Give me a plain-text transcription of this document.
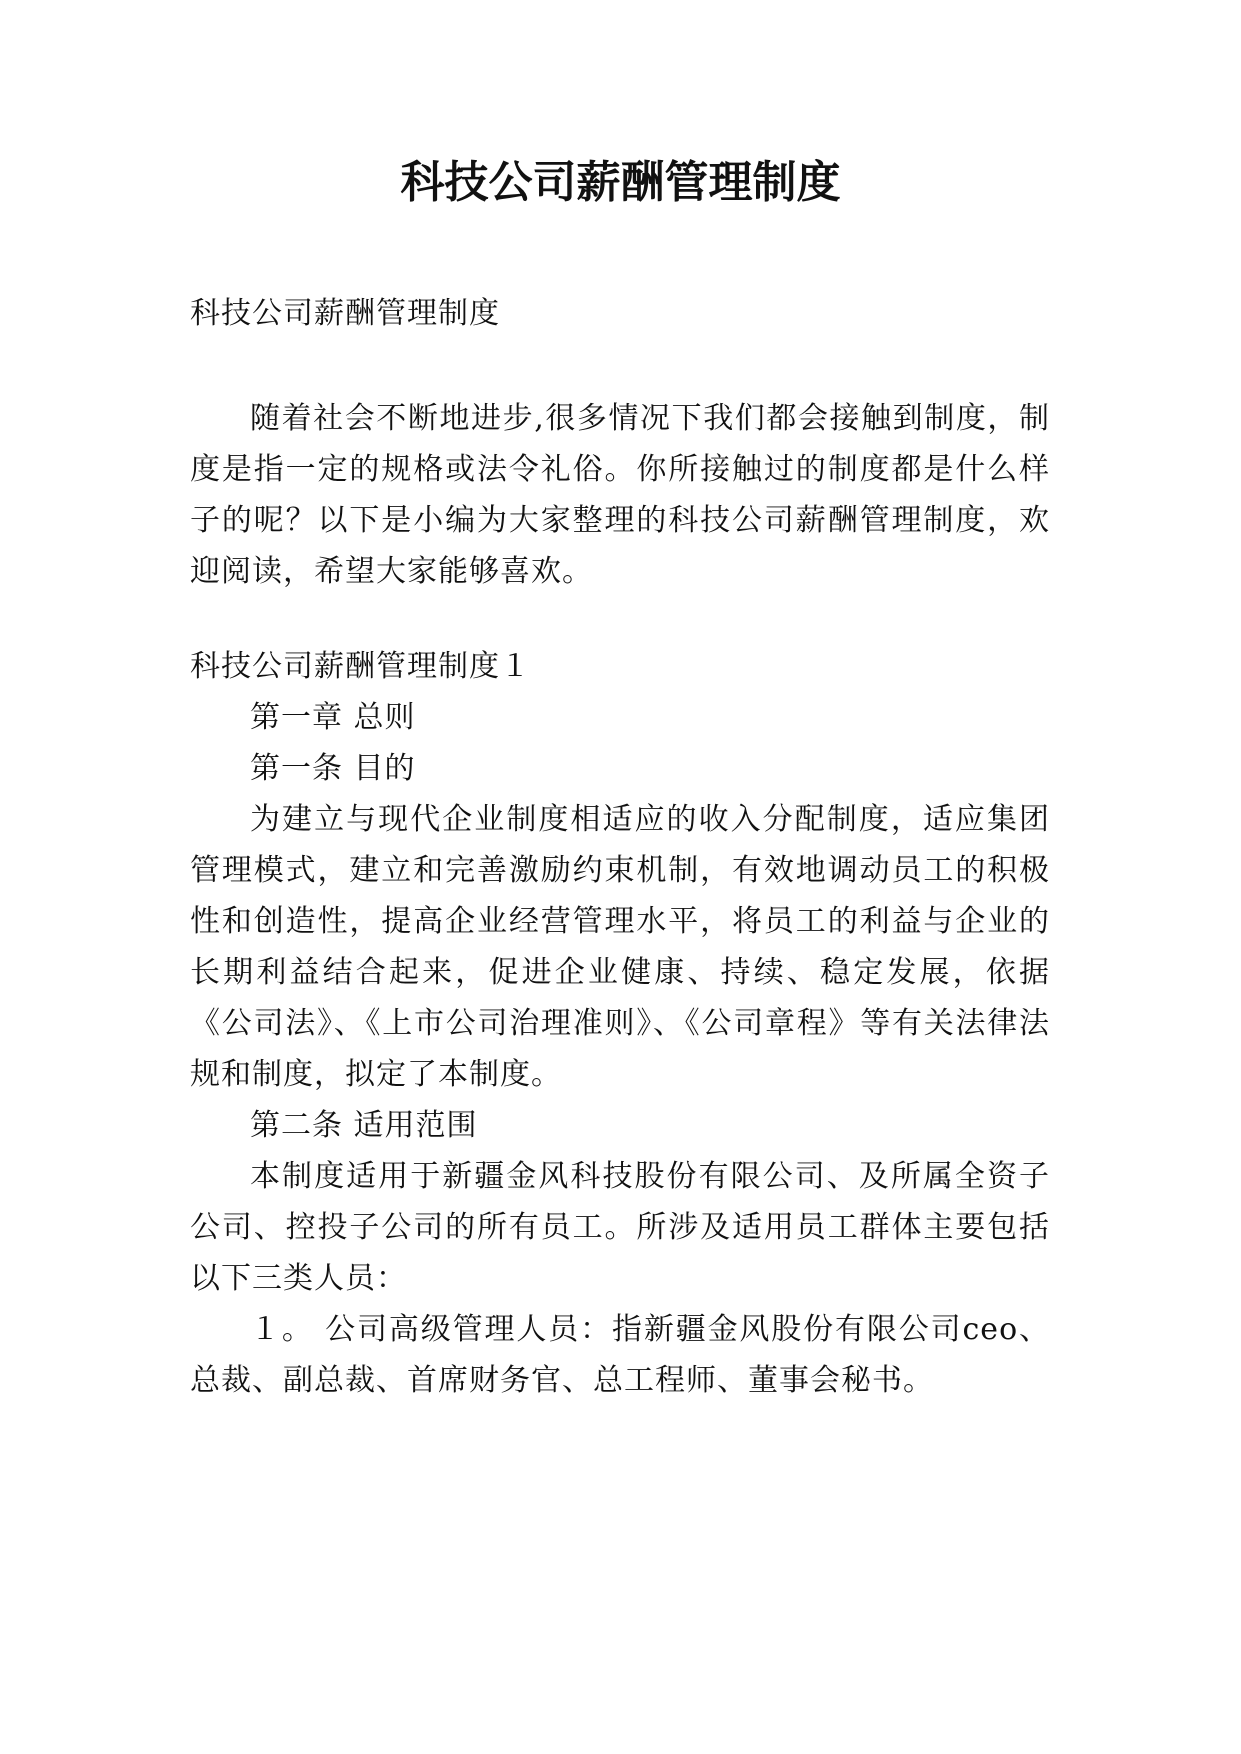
科技公司薪酬管理制度

科技公司薪酬管理制度

随着社会不断地进步,很多情况下我们都会接触到制度，制度是指一定的规格或法令礼俗。你所接触过的制度都是什么样子的呢？以下是小编为大家整理的科技公司薪酬管理制度，欢迎阅读，希望大家能够喜欢。

科技公司薪酬管理制度１

第一章 总则

第一条 目的

为建立与现代企业制度相适应的收入分配制度，适应集团管理模式，建立和完善激励约束机制，有效地调动员工的积极性和创造性，提高企业经营管理水平，将员工的利益与企业的长期利益结合起来，促进企业健康、持续、稳定发展，依据《公司法》、《上市公司治理准则》、《公司章程》等有关法律法规和制度，拟定了本制度。

第二条 适用范围

本制度适用于新疆金风科技股份有限公司、及所属全资子公司、控投子公司的所有员工。所涉及适用员工群体主要包括以下三类人员：

１。 公司高级管理人员：指新疆金风股份有限公司ceo、总裁、副总裁、首席财务官、总工程师、董事会秘书。
